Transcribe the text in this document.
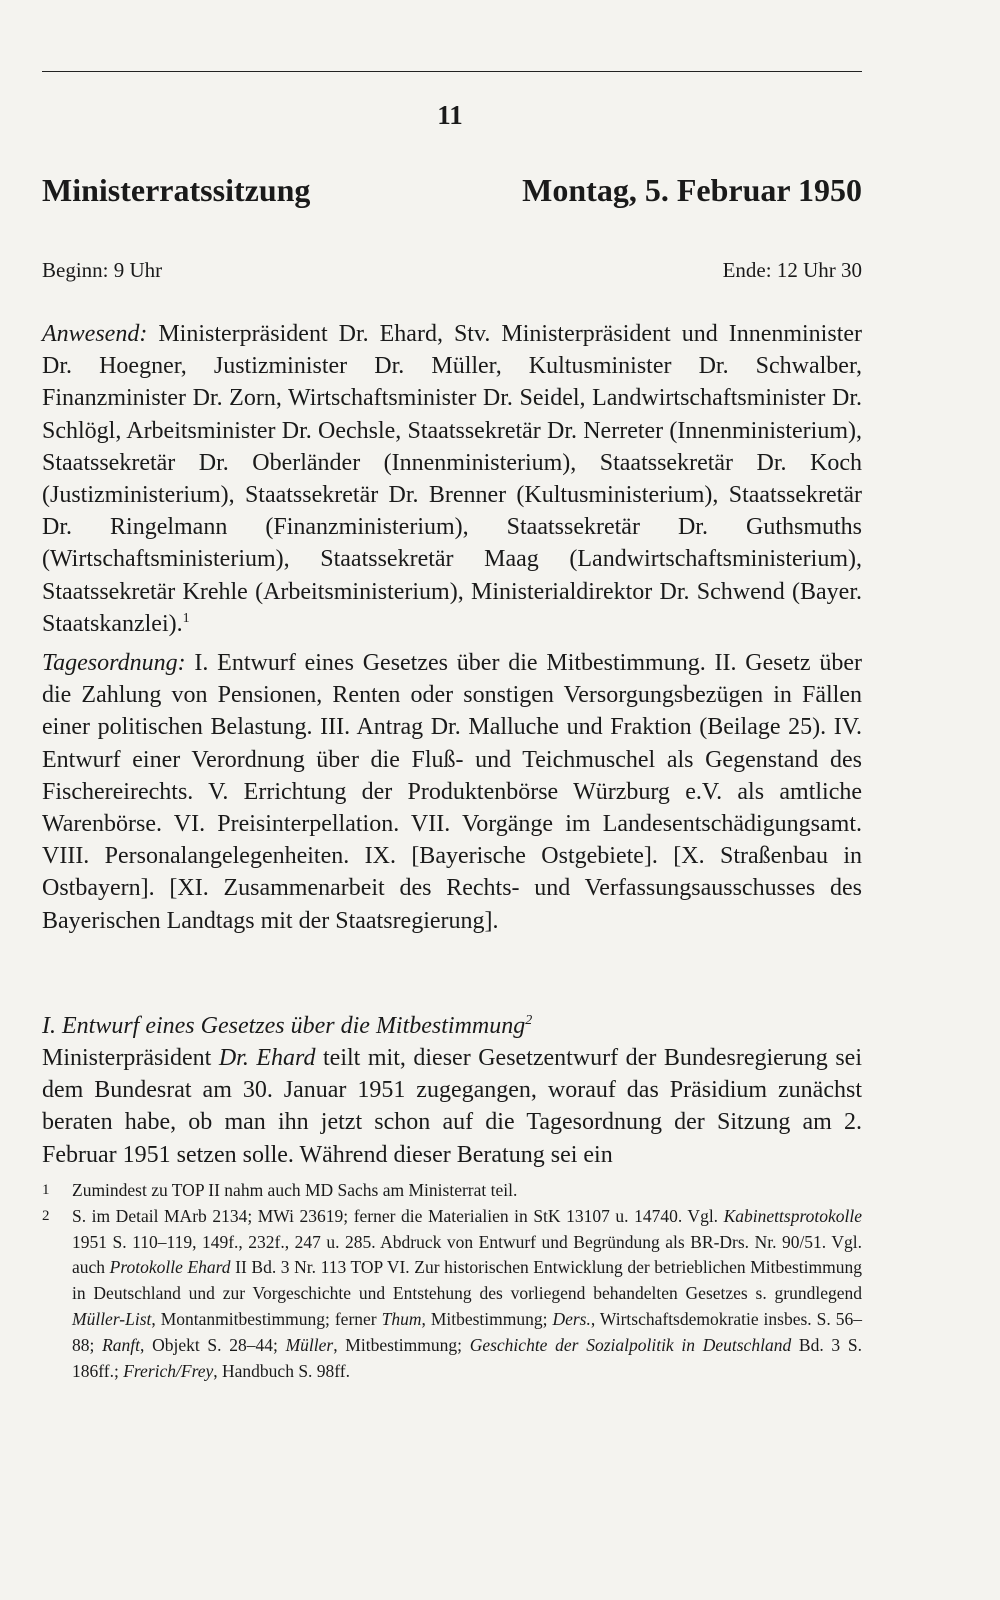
11
Ministerratssitzung	Montag, 5. Februar 1950
Beginn: 9 Uhr	Ende: 12 Uhr 30

Anwesend: Ministerpräsident Dr. Ehard, Stv. Ministerpräsident und Innenminister Dr. Hoegner, Justizminister Dr. Müller, Kultusminister Dr. Schwalber, Finanzminister Dr. Zorn, Wirtschaftsminister Dr. Seidel, Landwirtschaftsminister Dr. Schlögl, Arbeitsminister Dr. Oechsle, Staatssekretär Dr. Nerreter (Innenministerium), Staatssekretär Dr. Oberländer (Innenministerium), Staatssekretär Dr. Koch (Justizministerium), Staatssekretär Dr. Brenner (Kultusministerium), Staatssekretär Dr. Ringelmann (Finanzministerium), Staatssekretär Dr. Guthsmuths (Wirtschaftsministerium), Staatssekretär Maag (Landwirtschaftsministerium), Staatssekretär Krehle (Arbeitsministerium), Ministerialdirektor Dr. Schwend (Bayer. Staatskanzlei).$^1$

Tagesordnung: I. Entwurf eines Gesetzes über die Mitbestimmung. II. Gesetz über die Zahlung von Pensionen, Renten oder sonstigen Versorgungsbezügen in Fällen einer politischen Belastung. III. Antrag Dr. Malluche und Fraktion (Beilage 25). IV. Entwurf einer Verordnung über die Fluß- und Teichmuschel als Gegenstand des Fischereirechts. V. Errichtung der Produktenbörse Würzburg e.V. als amtliche Warenbörse. VI. Preisinterpellation. VII. Vorgänge im Landesentschädigungsamt. VIII. Personalangelegenheiten. IX. [Bayerische Ostgebiete]. [X. Straßenbau in Ostbayern]. [XI. Zusammenarbeit des Rechts- und Verfassungsausschusses des Bayerischen Landtags mit der Staatsregierung].

I. Entwurf eines Gesetzes über die Mitbestimmung$^2$

Ministerpräsident Dr. Ehard teilt mit, dieser Gesetzentwurf der Bundesregierung sei dem Bundesrat am 30. Januar 1951 zugegangen, worauf das Präsidium zunächst beraten habe, ob man ihn jetzt schon auf die Tagesordnung der Sitzung am 2. Februar 1951 setzen solle. Während dieser Beratung sei ein

1 Zumindest zu TOP II nahm auch MD Sachs am Ministerrat teil.
2 S. im Detail MArb 2134; MWi 23619; ferner die Materialien in StK 13107 u. 14740. Vgl. Kabinettsprotokolle 1951 S. 110–119, 149f., 232f., 247 u. 285. Abdruck von Entwurf und Begründung als BR-Drs. Nr. 90/51. Vgl. auch Protokolle Ehard II Bd. 3 Nr. 113 TOP VI. Zur historischen Entwicklung der betrieblichen Mitbestimmung in Deutschland und zur Vorgeschichte und Entstehung des vorliegend behandelten Gesetzes s. grundlegend Müller-List, Montanmitbestimmung; ferner Thum, Mitbestimmung; Ders., Wirtschaftsdemokratie insbes. S. 56–88; Ranft, Objekt S. 28–44; Müller, Mitbestimmung; Geschichte der Sozialpolitik in Deutschland Bd. 3 S. 186ff.; Frerich/Frey, Handbuch S. 98ff.
